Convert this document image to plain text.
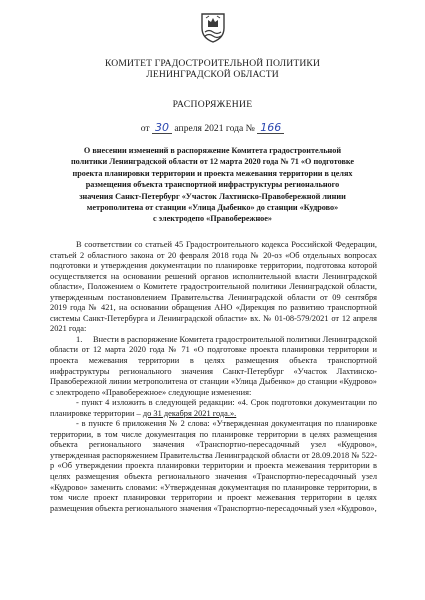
КОМИТЕТ ГРАДОСТРОИТЕЛЬНОЙ ПОЛИТИКИ
ЛЕНИНГРАДСКОЙ ОБЛАСТИ
РАСПОРЯЖЕНИЕ
от 30 апреля 2021 года № 166
О внесении изменений в распоряжение Комитета градостроительной
политики Ленинградской области от 12 марта 2020 года № 71 «О подготовке
проекта планировки территории и проекта межевания территории в целях
размещения объекта транспортной инфраструктуры регионального
значения Санкт-Петербург «Участок Лахтинско-Правобережной линии
метрополитена от станции «Улица Дыбенко» до станции «Кудрово»
с электродепо «Правобережное»

В соответствии со статьей 45 Градостроительного кодекса Российской Федерации, статьей 2 областного закона от 20 февраля 2018 года № 20-оз «Об отдельных вопросах подготовки и утверждения документации по планировке территории, подготовка которой осуществляется на основании решений органов исполнительной власти Ленинградской области», Положением о Комитете градостроительной политики Ленинградской области, утвержденным постановлением Правительства Ленинградской области от 09 сентября 2019 года № 421, на основании обращения АНО «Дирекция по развитию транспортной системы Санкт-Петербурга и Ленинградской области» вх. № 01-08-579/2021 от 12 апреля 2021 года:

1.     Внести в распоряжение Комитета градостроительной политики Ленинградской области от 12 марта 2020 года № 71 «О подготовке проекта планировки территории и проекта межевания территории в целях размещения объекта транспортной инфраструктуры регионального значения Санкт-Петербург «Участок Лахтинско-Правобережной линии метрополитена от станции «Улица Дыбенко» до станции «Кудрово» с электродепо «Правобережное» следующие изменения:

- пункт 4 изложить в следующей редакции: «4. Срок подготовки документации по планировке территории – до 31 декабря 2021 года.».

- в пункте 6 приложения № 2 слова: «Утвержденная документация по планировке территории, в том числе документация по планировке территории в целях размещения объекта регионального значения «Транспортно-пересадочный узел «Кудрово», утвержденная распоряжением Правительства Ленинградской области от 28.09.2018 № 522-р «Об утверждении проекта планировки территории и проекта межевания территории в целях размещения объекта регионального значения «Транспортно-пересадочный узел «Кудрово» заменить словами: «Утвержденная документация по планировке территории, в том числе проект планировки территории и проект межевания территории в целях размещения объекта регионального значения «Транспортно-пересадочный узел «Кудрово»,
